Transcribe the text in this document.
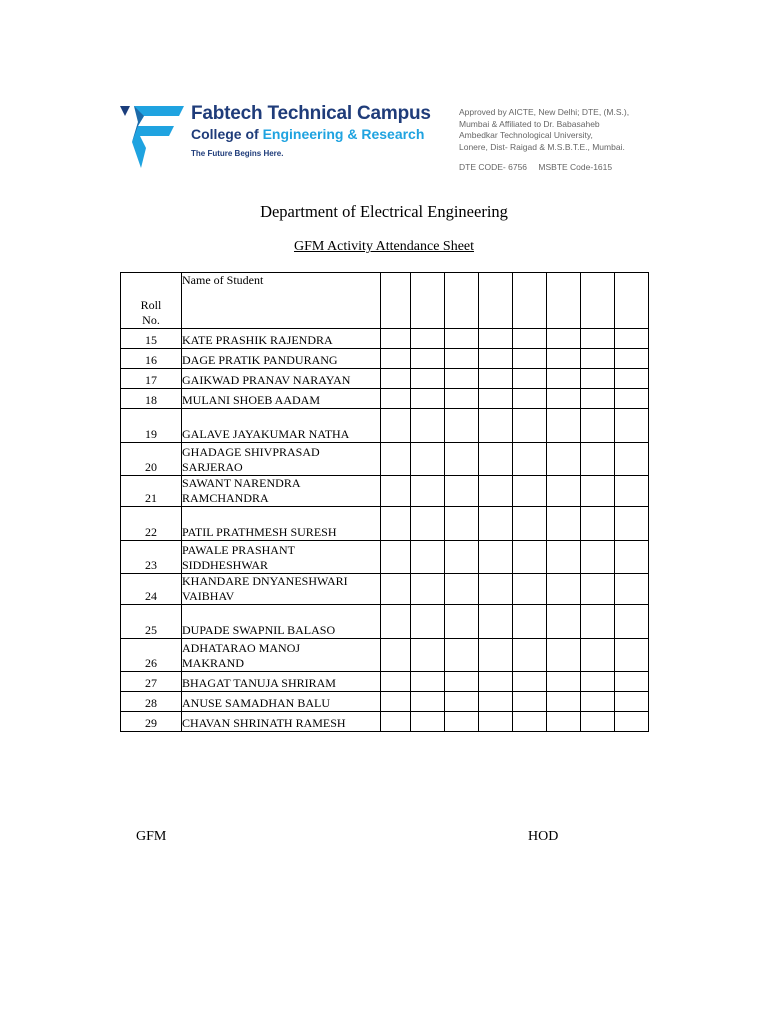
Fabtech Technical Campus
College of Engineering & Research
The Future Begins Here.
Approved by AICTE, New Delhi; DTE, (M.S.),
Mumbai & Affiliated to Dr. Babasaheb
Ambedkar Technological University,
Lonere, Dist- Raigad & M.S.B.T.E., Mumbai.
DTE CODE- 6756 MSBTE Code-1615
Department of Electrical Engineering
GFM Activity Attendance Sheet
Roll
No.	Name of Student								
15	KATE PRASHIK RAJENDRA								

16	DAGE PRATIK PANDURANG								

17	GAIKWAD PRANAV NARAYAN								

18	MULANI SHOEB AADAM								

19	GALAVE JAYAKUMAR NATHA								

20	GHADAGE SHIVPRASAD
SARJERAO								

21	SAWANT NARENDRA
RAMCHANDRA								

22	PATIL PRATHMESH SURESH								

23	PAWALE PRASHANT
SIDDHESHWAR								

24	KHANDARE DNYANESHWARI
VAIBHAV								

25	DUPADE SWAPNIL BALASO								

26	ADHATARAO MANOJ
MAKRAND								

27	BHAGAT TANUJA SHRIRAM								

28	ANUSE SAMADHAN BALU								

29	CHAVAN SHRINATH RAMESH								

GFM	HOD
